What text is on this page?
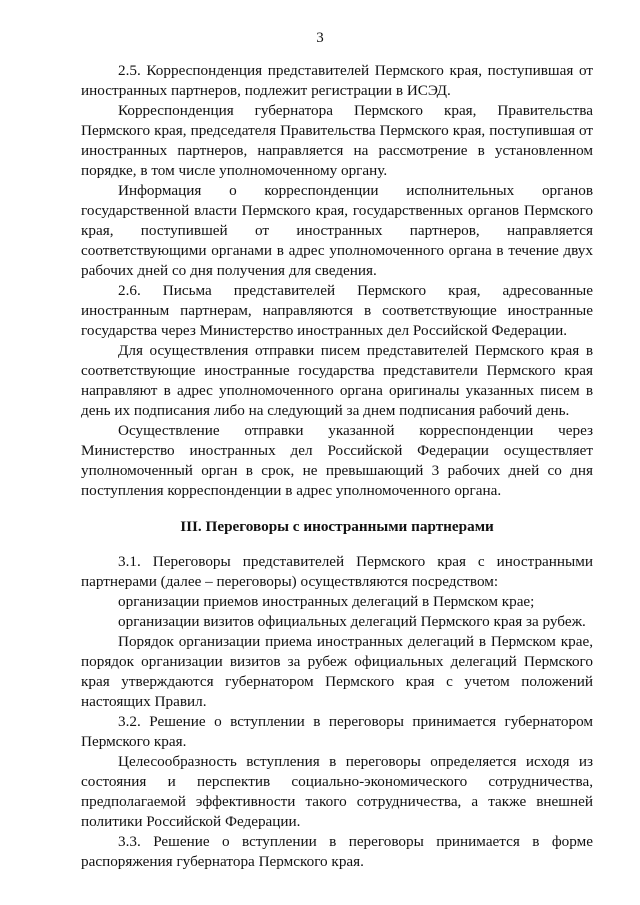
3

2.5. Корреспонденция представителей Пермского края, поступившая от иностранных партнеров, подлежит регистрации в ИСЭД.

Корреспонденция губернатора Пермского края, Правительства Пермского края, председателя Правительства Пермского края, поступившая от иностранных партнеров, направляется на рассмотрение в установленном порядке, в том числе уполномоченному органу.

Информация о корреспонденции исполнительных органов государственной власти Пермского края, государственных органов Пермского края, поступившей от иностранных партнеров, направляется соответствующими органами в адрес уполномоченного органа в течение двух рабочих дней со дня получения для сведения.

2.6. Письма представителей Пермского края, адресованные иностранным партнерам, направляются в соответствующие иностранные государства через Министерство иностранных дел Российской Федерации.

Для осуществления отправки писем представителей Пермского края в соответствующие иностранные государства представители Пермского края направляют в адрес уполномоченного органа оригиналы указанных писем в день их подписания либо на следующий за днем подписания рабочий день.

Осуществление отправки указанной корреспонденции через Министерство иностранных дел Российской Федерации осуществляет уполномоченный орган в срок, не превышающий 3 рабочих дней со дня поступления корреспонденции в адрес уполномоченного органа.

III. Переговоры с иностранными партнерами

3.1. Переговоры представителей Пермского края с иностранными партнерами (далее – переговоры) осуществляются посредством:

организации приемов иностранных делегаций в Пермском крае;

организации визитов официальных делегаций Пермского края за рубеж.

Порядок организации приема иностранных делегаций в Пермском крае, порядок организации визитов за рубеж официальных делегаций Пермского края утверждаются губернатором Пермского края с учетом положений настоящих Правил.

3.2. Решение о вступлении в переговоры принимается губернатором Пермского края.

Целесообразность вступления в переговоры определяется исходя из состояния и перспектив социально-экономического сотрудничества, предполагаемой эффективности такого сотрудничества, а также внешней политики Российской Федерации.

3.3. Решение о вступлении в переговоры принимается в форме распоряжения губернатора Пермского края.
